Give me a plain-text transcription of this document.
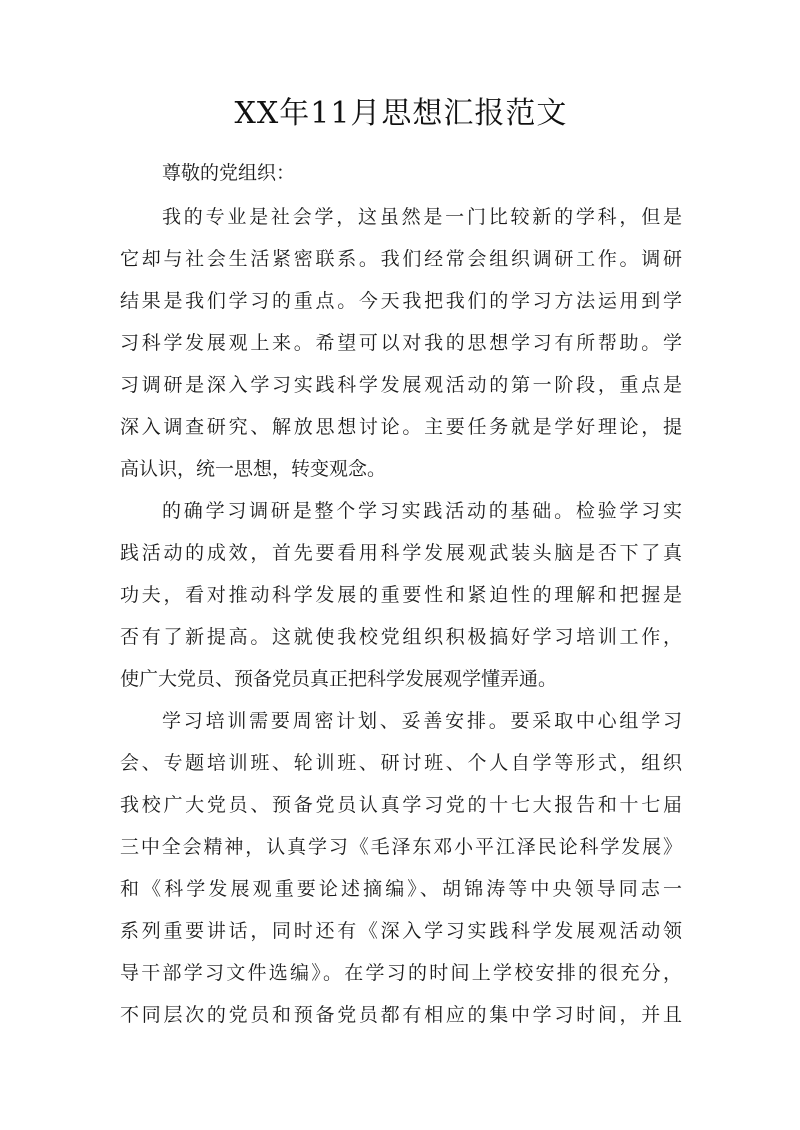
XX年11月思想汇报范文
尊敬的党组织：
我的专业是社会学，这虽然是一门比较新的学科，但是
它却与社会生活紧密联系。我们经常会组织调研工作。调研
结果是我们学习的重点。今天我把我们的学习方法运用到学
习科学发展观上来。希望可以对我的思想学习有所帮助。学
习调研是深入学习实践科学发展观活动的第一阶段，重点是
深入调查研究、解放思想讨论。主要任务就是学好理论，提
高认识，统一思想，转变观念。
的确学习调研是整个学习实践活动的基础。检验学习实
践活动的成效，首先要看用科学发展观武装头脑是否下了真
功夫，看对推动科学发展的重要性和紧迫性的理解和把握是
否有了新提高。这就使我校党组织积极搞好学习培训工作，
使广大党员、预备党员真正把科学发展观学懂弄通。
学习培训需要周密计划、妥善安排。要采取中心组学习
会、专题培训班、轮训班、研讨班、个人自学等形式，组织
我校广大党员、预备党员认真学习党的十七大报告和十七届
三中全会精神，认真学习《毛泽东邓小平江泽民论科学发展》
和《科学发展观重要论述摘编》、胡锦涛等中央领导同志一
系列重要讲话，同时还有《深入学习实践科学发展观活动领
导干部学习文件选编》。在学习的时间上学校安排的很充分，
不同层次的党员和预备党员都有相应的集中学习时间，并且
